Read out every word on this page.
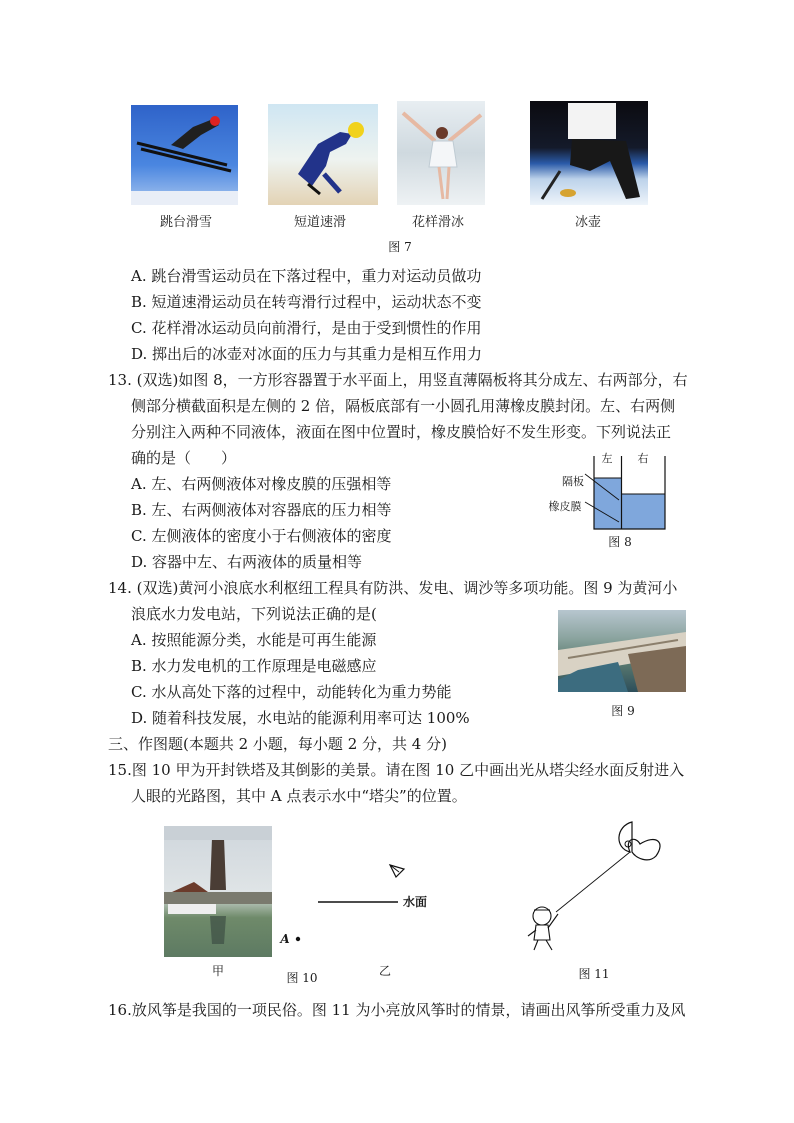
跳台滑雪	短道速滑	花样滑冰	冰壶
图 7
A. 跳台滑雪运动员在下落过程中，重力对运动员做功
B. 短道速滑运动员在转弯滑行过程中，运动状态不变
C. 花样滑冰运动员向前滑行，是由于受到惯性的作用
D. 掷出后的冰壶对冰面的压力与其重力是相互作用力
13. (双选)如图 8，一方形容器置于水平面上，用竖直薄隔板将其分成左、右两部分，右
侧部分横截面积是左侧的 2 倍，隔板底部有一小圆孔用薄橡皮膜封闭。左、右两侧
分别注入两种不同液体，液面在图中位置时，橡皮膜恰好不发生形变。下列说法正
确的是（　　）
A. 左、右两侧液体对橡皮膜的压强相等
B. 左、右两侧液体对容器底的压力相等
C. 左侧液体的密度小于右侧液体的密度
D. 容器中左、右两液体的质量相等
左 右
隔板
橡皮膜
图 8
14. (双选)黄河小浪底水利枢纽工程具有防洪、发电、调沙等多项功能。图 9 为黄河小
浪底水力发电站，下列说法正确的是(
A. 按照能源分类，水能是可再生能源
B. 水力发电机的工作原理是电磁感应
C. 水从高处下落的过程中，动能转化为重力势能
D. 随着科技发展，水电站的能源利用率可达 100%	图 9
三、作图题(本题共 2 小题，每小题 2 分，共 4 分)
15.图 10 甲为开封铁塔及其倒影的美景。请在图 10 乙中画出光从塔尖经水面反射进入
人眼的光路图，其中 A 点表示水中“塔尖”的位置。
甲
水面
A
图 10	乙	图 11
16.放风筝是我国的一项民俗。图 11 为小亮放风筝时的情景，请画出风筝所受重力及风
